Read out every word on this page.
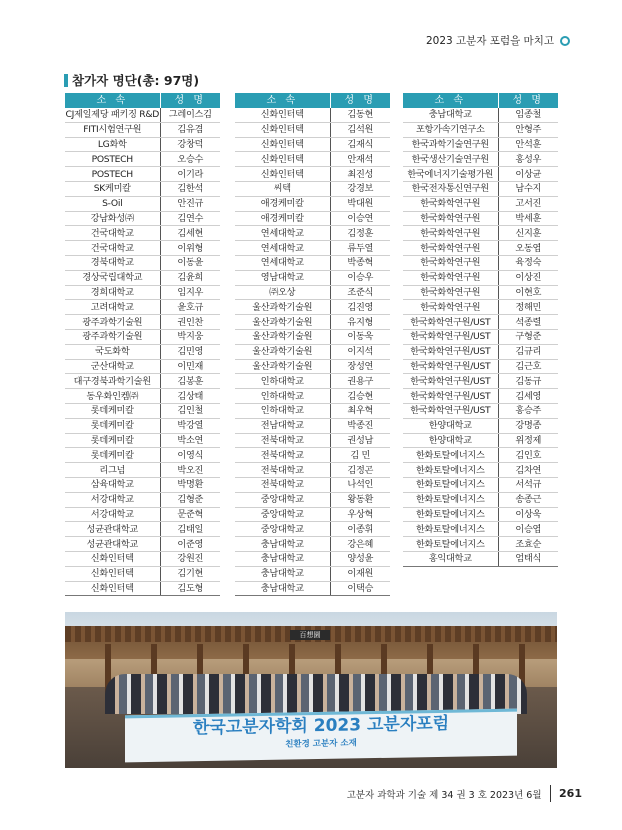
2023 고분자 포럼을 마치고
참가자 명단(총: 97명)
소 속	성 명
CJ제일제당 패키징 R&D	그레이스김
FITI시험연구원	김유겸
LG화학	강창덕
POSTECH	오승수
POSTECH	이기라
SK케미칼	김한석
S-Oil	안진규
강남화성㈜	김연수
건국대학교	김세현
건국대학교	이위형
경북대학교	이동윤
경상국립대학교	김윤희
경희대학교	임지우
고려대학교	윤호규
광주과학기술원	권인찬
광주과학기술원	박지웅
국도화학	김민영
군산대학교	이민재
대구경북과학기술원	김봉훈
동우화인켐㈜	김상태
롯데케미칼	김인철
롯데케미칼	박강열
롯데케미칼	박소연
롯데케미칼	이영식
리그넘	박오진
삼육대학교	박명환
서강대학교	김형준
서강대학교	문준혁
성균관대학교	김태일
성균관대학교	이준영
신화인터텍	강원진
신화인터텍	김기현
신화인터텍	김도형
소 속	성 명
신화인터텍	김동현
신화인터텍	김석원
신화인터텍	김재식
신화인터텍	안재석
신화인터텍	최진성
씨텍	강경보
애경케미칼	박대원
애경케미칼	이승연
연세대학교	김정훈
연세대학교	류두열
연세대학교	박종혁
영남대학교	이승우
㈜오상	조준식
울산과학기술원	김진영
울산과학기술원	유지형
울산과학기술원	이동욱
울산과학기술원	이지석
울산과학기술원	장성연
인하대학교	권용구
인하대학교	김승현
인하대학교	최우혁
전남대학교	박종진
전북대학교	권성남
전북대학교	김 민
전북대학교	김정곤
전북대학교	나석인
중앙대학교	왕동환
중앙대학교	우상혁
중앙대학교	이종휘
충남대학교	강은혜
충남대학교	양성윤
충남대학교	이재원
충남대학교	이택승
소 속	성 명
충남대학교	임종철
포항가속기연구소	안형주
한국과학기술연구원	안석훈
한국생산기술연구원	홍성우
한국에너지기술평가원	이상균
한국전자통신연구원	남수지
한국화학연구원	고서진
한국화학연구원	박세훈
한국화학연구원	신지훈
한국화학연구원	오동엽
한국화학연구원	육정숙
한국화학연구원	이상진
한국화학연구원	이현호
한국화학연구원	정해민
한국화학연구원/UST	석종렬
한국화학연구원/UST	구형준
한국화학연구원/UST	김규리
한국화학연구원/UST	김근호
한국화학연구원/UST	김동규
한국화학연구원/UST	김세영
한국화학연구원/UST	홍승주
한양대학교	강명종
한양대학교	위정제
한화토탈에너지스	김인호
한화토탈에너지스	김차연
한화토탈에너지스	서석규
한화토탈에너지스	송종근
한화토탈에너지스	이상욱
한화토탈에너지스	이승엽
한화토탈에너지스	조효순
홍익대학교	엄태식
百想園
한국고분자학회 2023 고분자포럼
친환경 고분자 소재
고분자 과학과 기술 제 34 권 3 호 2023년 6월 261
